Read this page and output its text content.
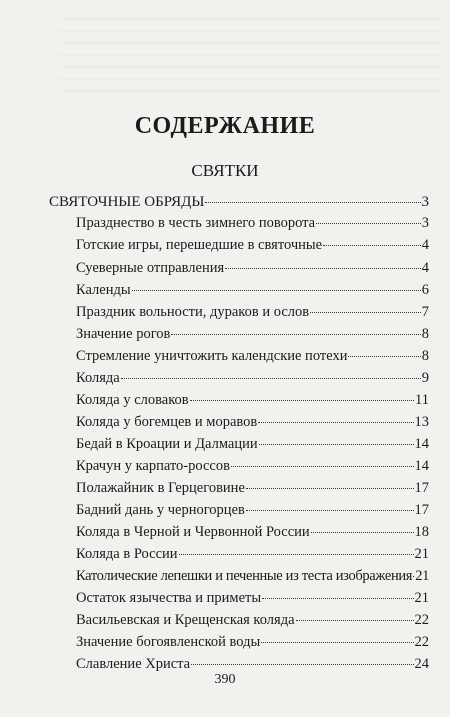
СОДЕРЖАНИЕ
СВЯТКИ
СВЯТОЧНЫЕ ОБРЯДЫ	3
Празднество в честь зимнего поворота	3
Готские игры, перешедшие в святочные	4
Суеверные отправления	4
Календы	6
Праздник вольности, дураков и ослов	7
Значение рогов	8
Стремление уничтожить календские потехи	8
Коляда	9
Коляда у словаков	11
Коляда у богемцев и моравов	13
Бедай в Кроации и Далмации	14
Крачун у карпато-россов	14
Полажайник в Герцеговине	17
Бадний дань у черногорцев	17
Коляда в Черной и Червонной России	18
Коляда в России	21
Католические лепешки и печенные из теста изображения 21
Остаток язычества и приметы	21
Васильевская и Крещенская коляда	22
Значение богоявленской воды	22
Славление Христа	24
390
